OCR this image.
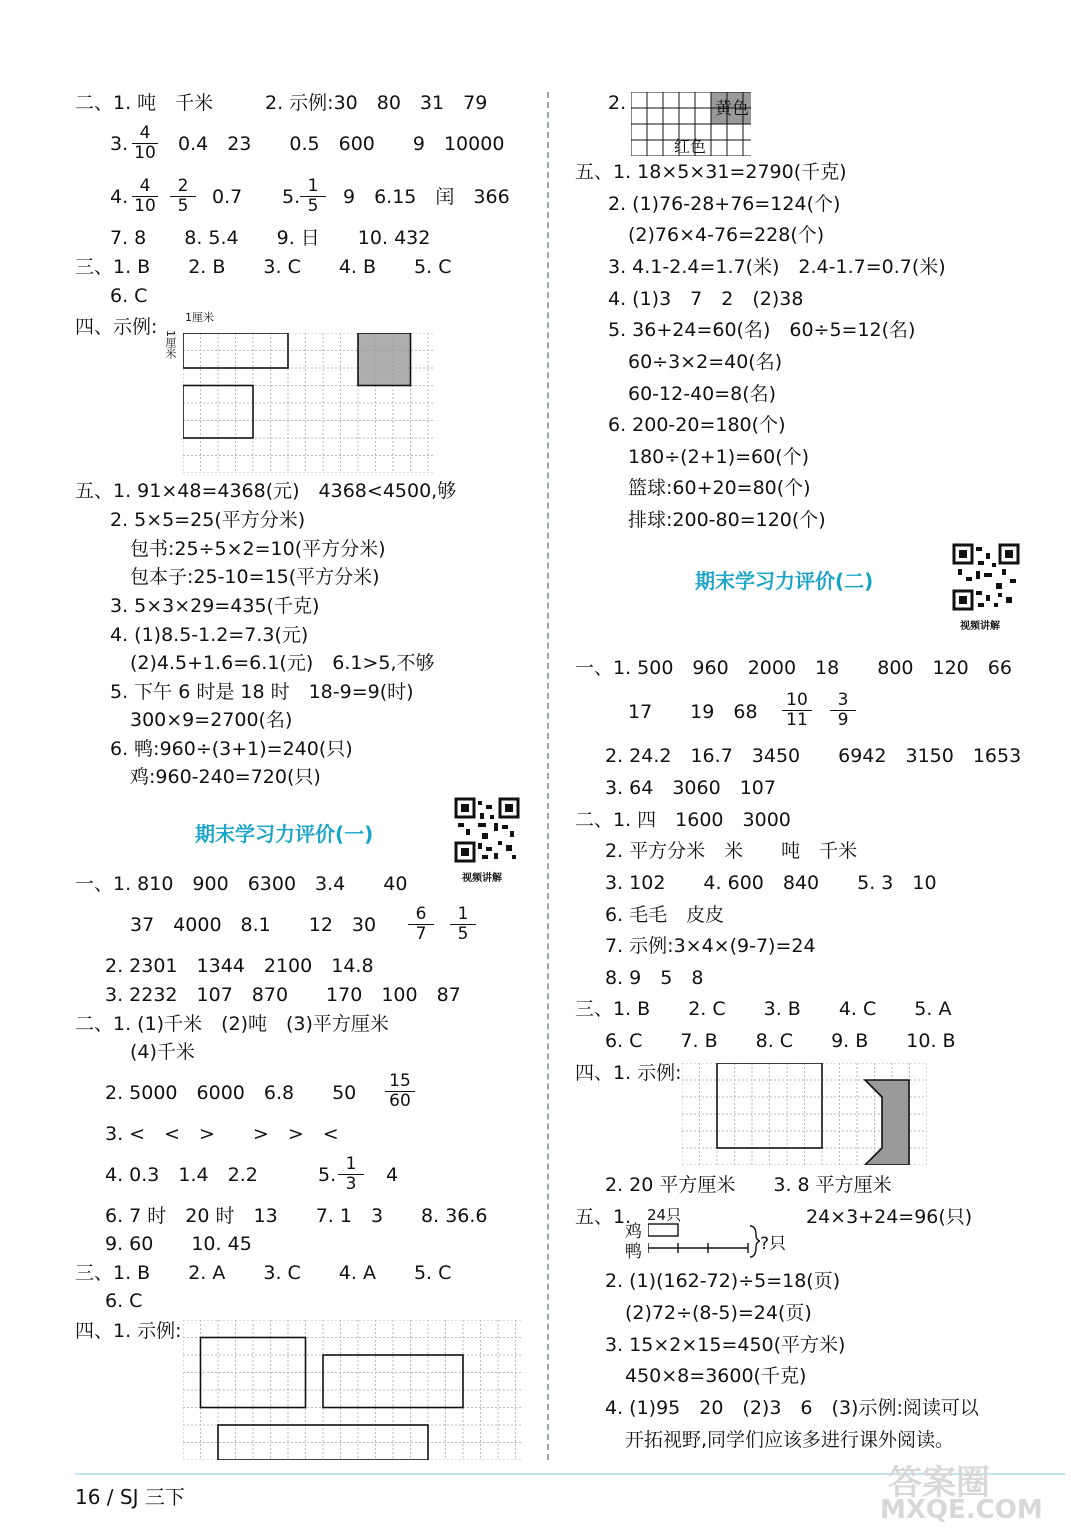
二、1. 吨　千米	2. 示例:30　80　31　79
3. 4
10 0.4　23　　0.5　600　　9　10000
4. 4
10
2
5	0.7 5. 1
5	9　6.15　闰　366
7. 8　　8. 5.4　　9. 日　　10. 432
三、1. B　　2. B　　3. C　　4. B　　5. C
6. C
四、示例:	1厘米
1厘米
五、1. 91×48=4368(元)　4368<4500,够
2. 5×5=25(平方分米)
包书:25÷5×2=10(平方分米)
包本子:25-10=15(平方分米)
3. 5×3×29=435(千克)
4. (1)8.5-1.2=7.3(元)
(2)4.5+1.6=6.1(元)　6.1>5,不够
5. 下午 6 时是 18 时　18-9=9(时)
300×9=2700(名)
6. 鸭:960÷(3+1)=240(只)
鸡:960-240=720(只)
期末学习力评价(一)
视频讲解
一、1. 810　900　6300　3.4　　40
37　4000　8.1　　12　30	6
7
1
5
2. 2301　1344　2100　14.8
3. 2232　107　870　　170　100　87
二、1. (1)千米　(2)吨　(3)平方厘米
(4)千米
2. 5000　6000　6.8　　50
15
60
3. <　<　>　　>　>　<
4. 0.3　1.4　2.2	5. 1
3	4
6. 7 时　20 时　13　　7. 1　3　　8. 36.6
9. 60　　10. 45
三、1. B　　2. A　　3. C　　4. A　　5. C
6. C
四、1. 示例:
2.	黄色
红色
五、1. 18×5×31=2790(千克)
2. (1)76-28+76=124(个)
(2)76×4-76=228(个)
3. 4.1-2.4=1.7(米)　2.4-1.7=0.7(米)
4. (1)3　7　2　(2)38
5. 36+24=60(名)　60÷5=12(名)
60÷3×2=40(名)
60-12-40=8(名)
6. 200-20=180(个)
180÷(2+1)=60(个)
篮球:60+20=80(个)
排球:200-80=120(个)
期末学习力评价(二)
视频讲解
一、1. 500　960　2000　18　　800　120　66
17　　19　68
10
11
3
9
2. 24.2　16.7　3450　　6942　3150　1653
3. 64　3060　107
二、1. 四　1600　3000
2. 平方分米　米　　吨　千米
3. 102　　4. 600　840　　5. 3　10
6. 毛毛　皮皮
7. 示例:3×4×(9-7)=24
8. 9　5　8
三、1. B　　2. C　　3. B　　4. C　　5. A
6. C　　7. B　　8. C　　9. B　　10. B
四、1. 示例:
2. 20 平方厘米　　3. 8 平方厘米
五、1.
鸡
鸭
24只
?只
24×3+24=96(只)
2. (1)(162-72)÷5=18(页)
(2)72÷(8-5)=24(页)
3. 15×2×15=450(平方米)
450×8=3600(千克)
4. (1)95　20　(2)3　6　(3)示例:阅读可以
开拓视野,同学们应该多进行课外阅读。
16 / SJ 三下	答案圈
MXQE.COM
